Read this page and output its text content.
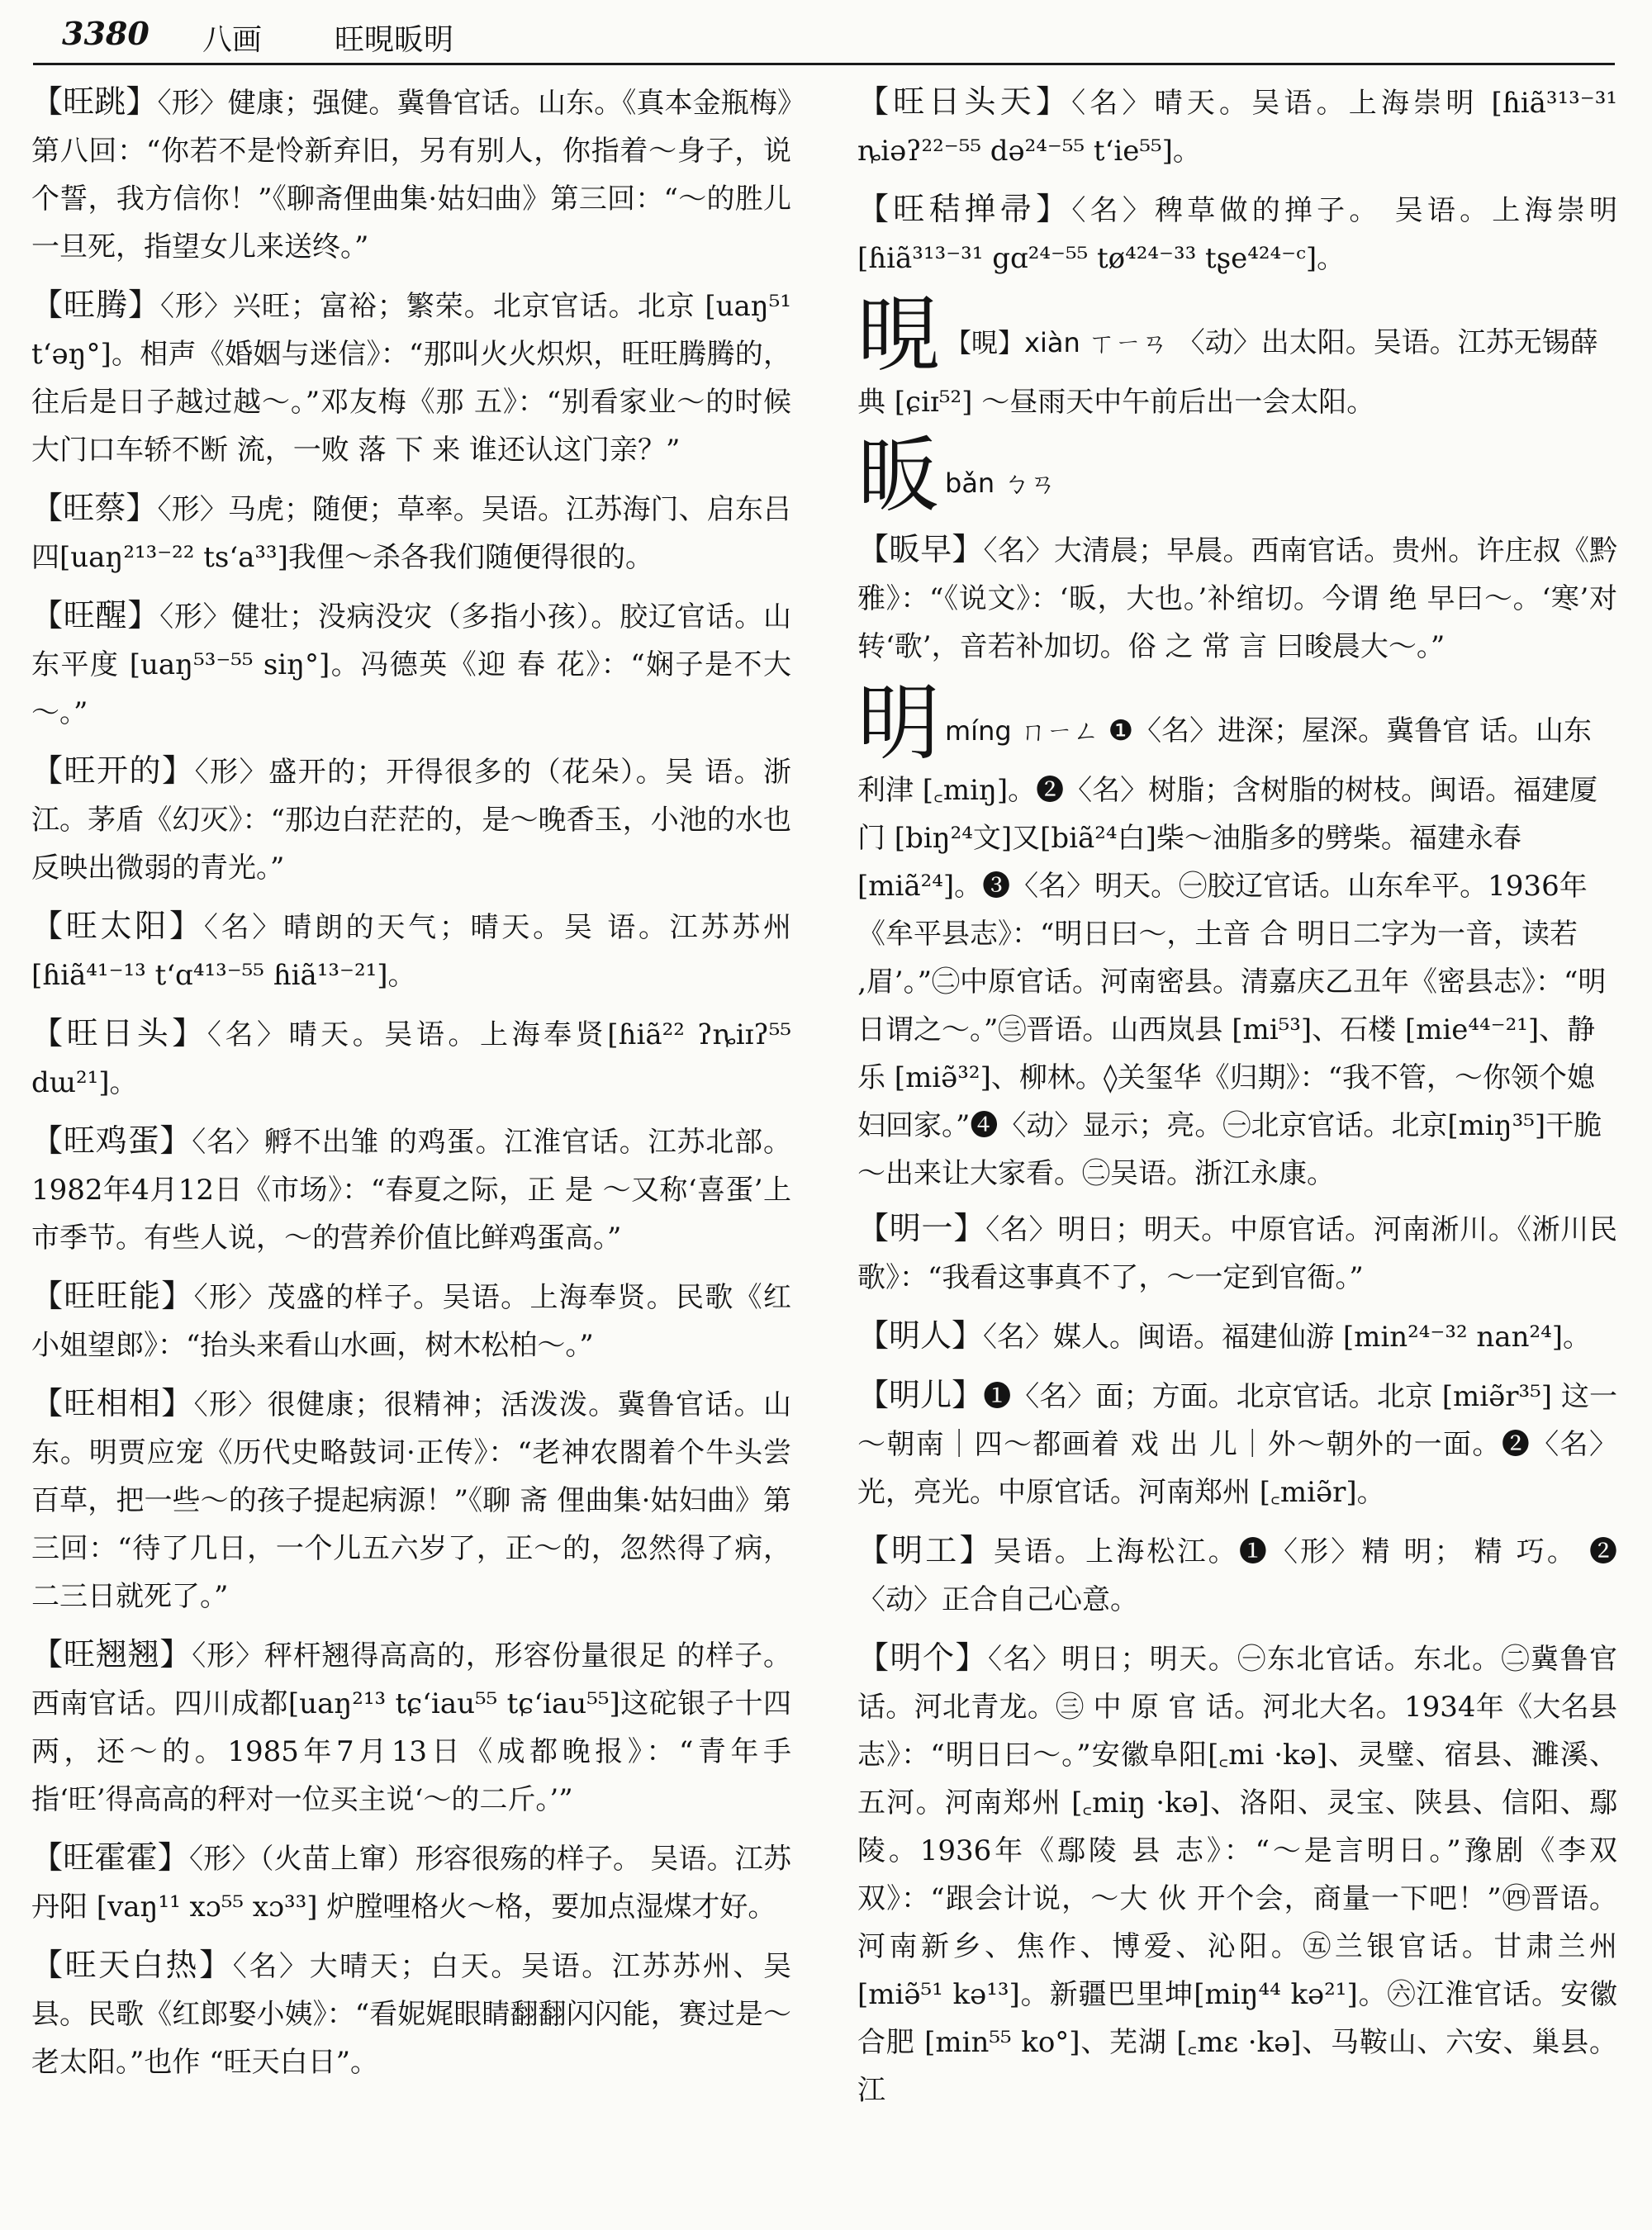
3380 八画 旺晛昄明

【旺跳】〈形〉健康；强健。冀鲁官话。山东。《真本金瓶梅》第八回：“你若不是怜新弃旧，另有别人，你指着～身子，说个誓，我方信你！”《聊斋俚曲集·姑妇曲》第三回：“～的胜儿一旦死，指望女儿来送终。”

【旺腾】〈形〉兴旺；富裕；繁荣。北京官话。北京 [uaŋ⁵¹ t‘əŋ°]。相声《婚姻与迷信》：“那叫火火炽炽，旺旺腾腾的，往后是日子越过越～。”邓友梅《那 五》：“别看家业～的时候大门口车轿不断 流，一败 落 下 来 谁还认这门亲？”

【旺蔡】〈形〉马虎；随便；草率。吴语。江苏海门、启东吕四[uaŋ²¹³⁻²² ts‘a³³]我俚～杀各我们随便得很的。

【旺醒】〈形〉健壮；没病没灾（多指小孩）。胶辽官话。山东平度 [uaŋ⁵³⁻⁵⁵ siŋ°]。冯德英《迎 春 花》：“娴子是不大～。”

【旺开的】〈形〉盛开的；开得很多的（花朵）。吴 语。浙江。茅盾《幻灭》：“那边白茫茫的，是～晚香玉，小池的水也反映出微弱的青光。”

【旺太阳】〈名〉晴朗的天气；晴天。吴 语。江苏苏州 [ɦiã⁴¹⁻¹³ t‘ɑ⁴¹³⁻⁵⁵ ɦiã¹³⁻²¹]。

【旺日头】〈名〉晴天。吴语。上海奉贤[ɦiã²² ʔȵiɪʔ⁵⁵ dɯ²¹]。

【旺鸡蛋】〈名〉孵不出雏 的鸡蛋。江淮官话。江苏北部。1982年4月12日《市场》：“春夏之际，正 是 ～又称‘喜蛋’上市季节。有些人说，～的营养价值比鲜鸡蛋高。”

【旺旺能】〈形〉茂盛的样子。吴语。上海奉贤。民歌《红小姐望郎》：“抬头来看山水画，树木松柏～。”

【旺相相】〈形〉很健康；很精神；活泼泼。冀鲁官话。山东。明贾应宠《历代史略鼓词·正传》：“老神农閤着个牛头尝百草，把一些～的孩子提起病源！”《聊 斋 俚曲集·姑妇曲》第三回：“待了几日，一个儿五六岁了，正～的，忽然得了病，二三日就死了。”

【旺翘翘】〈形〉秤杆翘得高高的，形容份量很足 的样子。西南官话。四川成都[uaŋ²¹³ tɕ‘iau⁵⁵ tɕ‘iau⁵⁵]这砣银子十四两，还～的。1985年7月13日《成都晚报》：“青年手指‘旺’得高高的秤对一位买主说‘～的二斤。’”

【旺霍霍】〈形〉（火苗上窜）形容很殇的样子。 吴语。江苏丹阳 [vaŋ¹¹ xɔ⁵⁵ xɔ³³] 炉膛哩格火～格，要加点湿煤才好。

【旺天白热】〈名〉大晴天；白天。吴语。江苏苏州、吴县。民歌《红郎娶小姨》：“看妮娓眼睛翻翻闪闪能，赛过是～老太阳。”也作 “旺天白日”。

【旺日头天】〈名〉晴天。吴语。上海崇明 [ɦiã³¹³⁻³¹ ȵiəʔ²²⁻⁵⁵ də²⁴⁻⁵⁵ t‘ie⁵⁵]。

【旺秸掸帚】〈名〉稗草做的掸子。 吴语。上海崇明 [ɦiã³¹³⁻³¹ gɑ²⁴⁻⁵⁵ tø⁴²⁴⁻³³ tʂe⁴²⁴⁻ᶜ]。

晛 【晛】xiàn ㄒㄧㄢ 〈动〉出太阳。吴语。江苏无锡薛典 [ɕiɪ⁵²] ～昼雨天中午前后出一会太阳。

昄bǎn ㄅㄢ

【昄早】〈名〉大清晨；早晨。西南官话。贵州。许庄叔《黔雅》：“《说文》：‘昄，大也。’补绾切。今谓 绝 早曰～。‘寒’对转‘歌’，音若补加切。俗 之 常 言 曰晙晨大～。”

明míng ㄇㄧㄥ ❶〈名〉进深；屋深。冀鲁官 话。山东利津 [꜀miŋ]。❷〈名〉树脂；含树脂的树枝。闽语。福建厦门 [biŋ²⁴文]又[biã²⁴白]柴～油脂多的劈柴。福建永春 [miã²⁴]。❸〈名〉明天。㊀胶辽官话。山东牟平。1936年《牟平县志》：“明日曰～，土音 合 明日二字为一音，读若‚眉’。”㊁中原官话。河南密县。清嘉庆乙丑年《密县志》：“明日谓之～。”㊂晋语。山西岚县 [mi⁵³]、石楼 [mie⁴⁴⁻²¹]、静乐 [miə̃³²]、柳林。◊关玺华《归期》：“我不管，～你领个媳妇回家。”❹〈动〉显示；亮。㊀北京官话。北京[miŋ³⁵]干脆～出来让大家看。㊁吴语。浙江永康。

【明一】〈名〉明日；明天。中原官话。河南淅川。《淅川民歌》：“我看这事真不了，～一定到官衙。”

【明人】〈名〉媒人。闽语。福建仙游 [min²⁴⁻³² nan²⁴]。

【明儿】❶〈名〉面；方面。北京官话。北京 [miə̃r³⁵] 这一～朝南｜四～都画着 戏 出 儿｜外～朝外的一面。❷〈名〉光，亮光。中原官话。河南郑州 [꜀miə̃r]。

【明工】吴语。上海松江。❶〈形〉精 明； 精 巧。 ❷〈动〉正合自己心意。

【明个】〈名〉明日；明天。㊀东北官话。东北。㊁冀鲁官话。河北青龙。㊂ 中 原 官 话。河北大名。1934年《大名县志》：“明日曰～。”安徽阜阳[꜀mi ·kə]、灵璧、宿县、濉溪、五河。河南郑州 [꜀miŋ ·kə]、洛阳、灵宝、陕县、信阳、鄢陵。1936年《鄢陵 县 志》：“～是言明日。”豫剧《李双双》：“跟会计说，～大 伙 开个会，商量一下吧！”㊃晋语。河南新乡、焦作、博爱、沁阳。㊄兰银官话。甘肃兰州 [miə̃⁵¹ kə¹³]。新疆巴里坤[miŋ⁴⁴ kə²¹]。㊅江淮官话。安徽合肥 [min⁵⁵ ko°]、芜湖 [꜀mɛ ·kə]、马鞍山、六安、巢县。江
